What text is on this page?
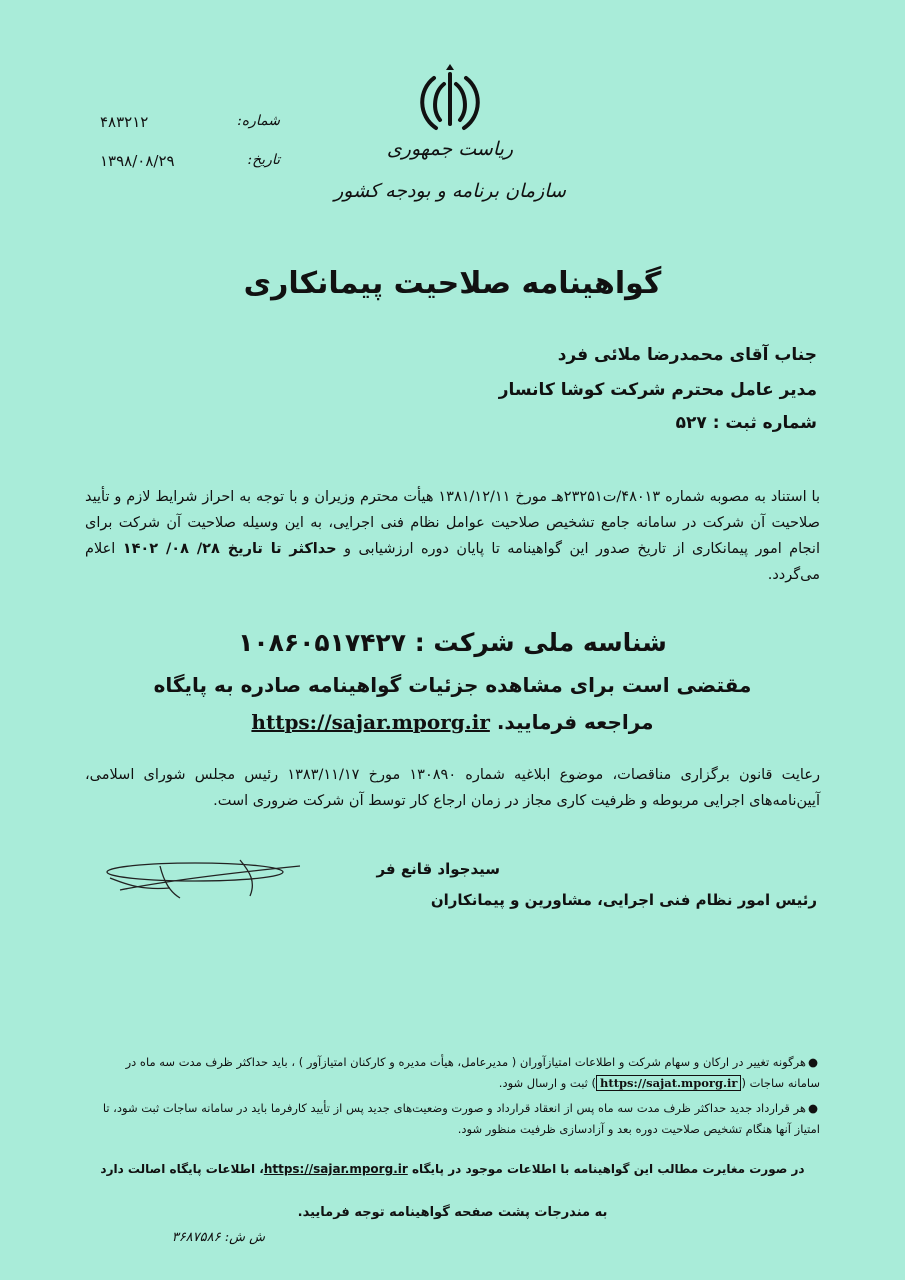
ریاست جمهوری
سازمان برنامه و بودجه کشور
شماره:
۴۸۳۲۱۲
تاریخ:
۱۳۹۸/۰۸/۲۹
گواهینامه صلاحیت پیمانکاری
جناب آقای محمدرضا ملائی فرد
مدیر عامل محترم شرکت کوشا کانسار
شماره ثبت : ۵۲۷
با استناد به مصوبه شماره ۴۸۰۱۳/ت۲۳۲۵۱هـ مورخ ۱۳۸۱/۱۲/۱۱ هیأت محترم وزیران و با توجه به احراز شرایط لازم و تأیید صلاحیت آن شرکت در سامانه جامع تشخیص صلاحیت عوامل نظام فنی اجرایی، به این وسیله صلاحیت آن شرکت برای انجام امور پیمانکاری از تاریخ صدور این گواهینامه تا پایان دوره ارزشیابی و حداکثر تا تاریخ ۲۸/ ۰۸/ ۱۴۰۲ اعلام می‌گردد.
شناسه ملی شرکت : ۱۰۸۶۰۵۱۷۴۲۷
مقتضی است برای مشاهده جزئیات گواهینامه صادره به پایگاه
مراجعه فرمایید. https://sajar.mporg.ir
رعایت قانون برگزاری مناقصات، موضوع ابلاغیه شماره ۱۳۰۸۹۰ مورخ ۱۳۸۳/۱۱/۱۷ رئیس مجلس شورای اسلامی، آیین‌نامه‌های اجرایی مربوطه و ظرفیت کاری مجاز در زمان ارجاع کار توسط آن شرکت ضروری است.
سیدجواد قانع فر
رئیس امور نظام فنی اجرایی، مشاورین و پیمانکاران
●هرگونه تغییر در ارکان و سهام شرکت و اطلاعات امتیازآوران ( مدیرعامل، هیأت مدیره و کارکنان امتیازآور ) ، باید حداکثر ظرف مدت سه ماه در سامانه ساجات (https://sajat.mporg.ir) ثبت و ارسال شود.
●هر قرارداد جدید حداکثر ظرف مدت سه ماه پس از انعقاد قرارداد و صورت وضعیت‌های جدید پس از تأیید کارفرما باید در سامانه ساجات ثبت شود، تا امتیاز آنها هنگام تشخیص صلاحیت دوره بعد و آزادسازی ظرفیت منظور شود.
در صورت مغایرت مطالب این گواهینامه با اطلاعات موجود در پایگاه https://sajar.mporg.ir، اطلاعات پایگاه اصالت دارد
به مندرجات پشت صفحه گواهینامه توجه فرمایید.
ش ش: ۳۶۸۷۵۸۶
